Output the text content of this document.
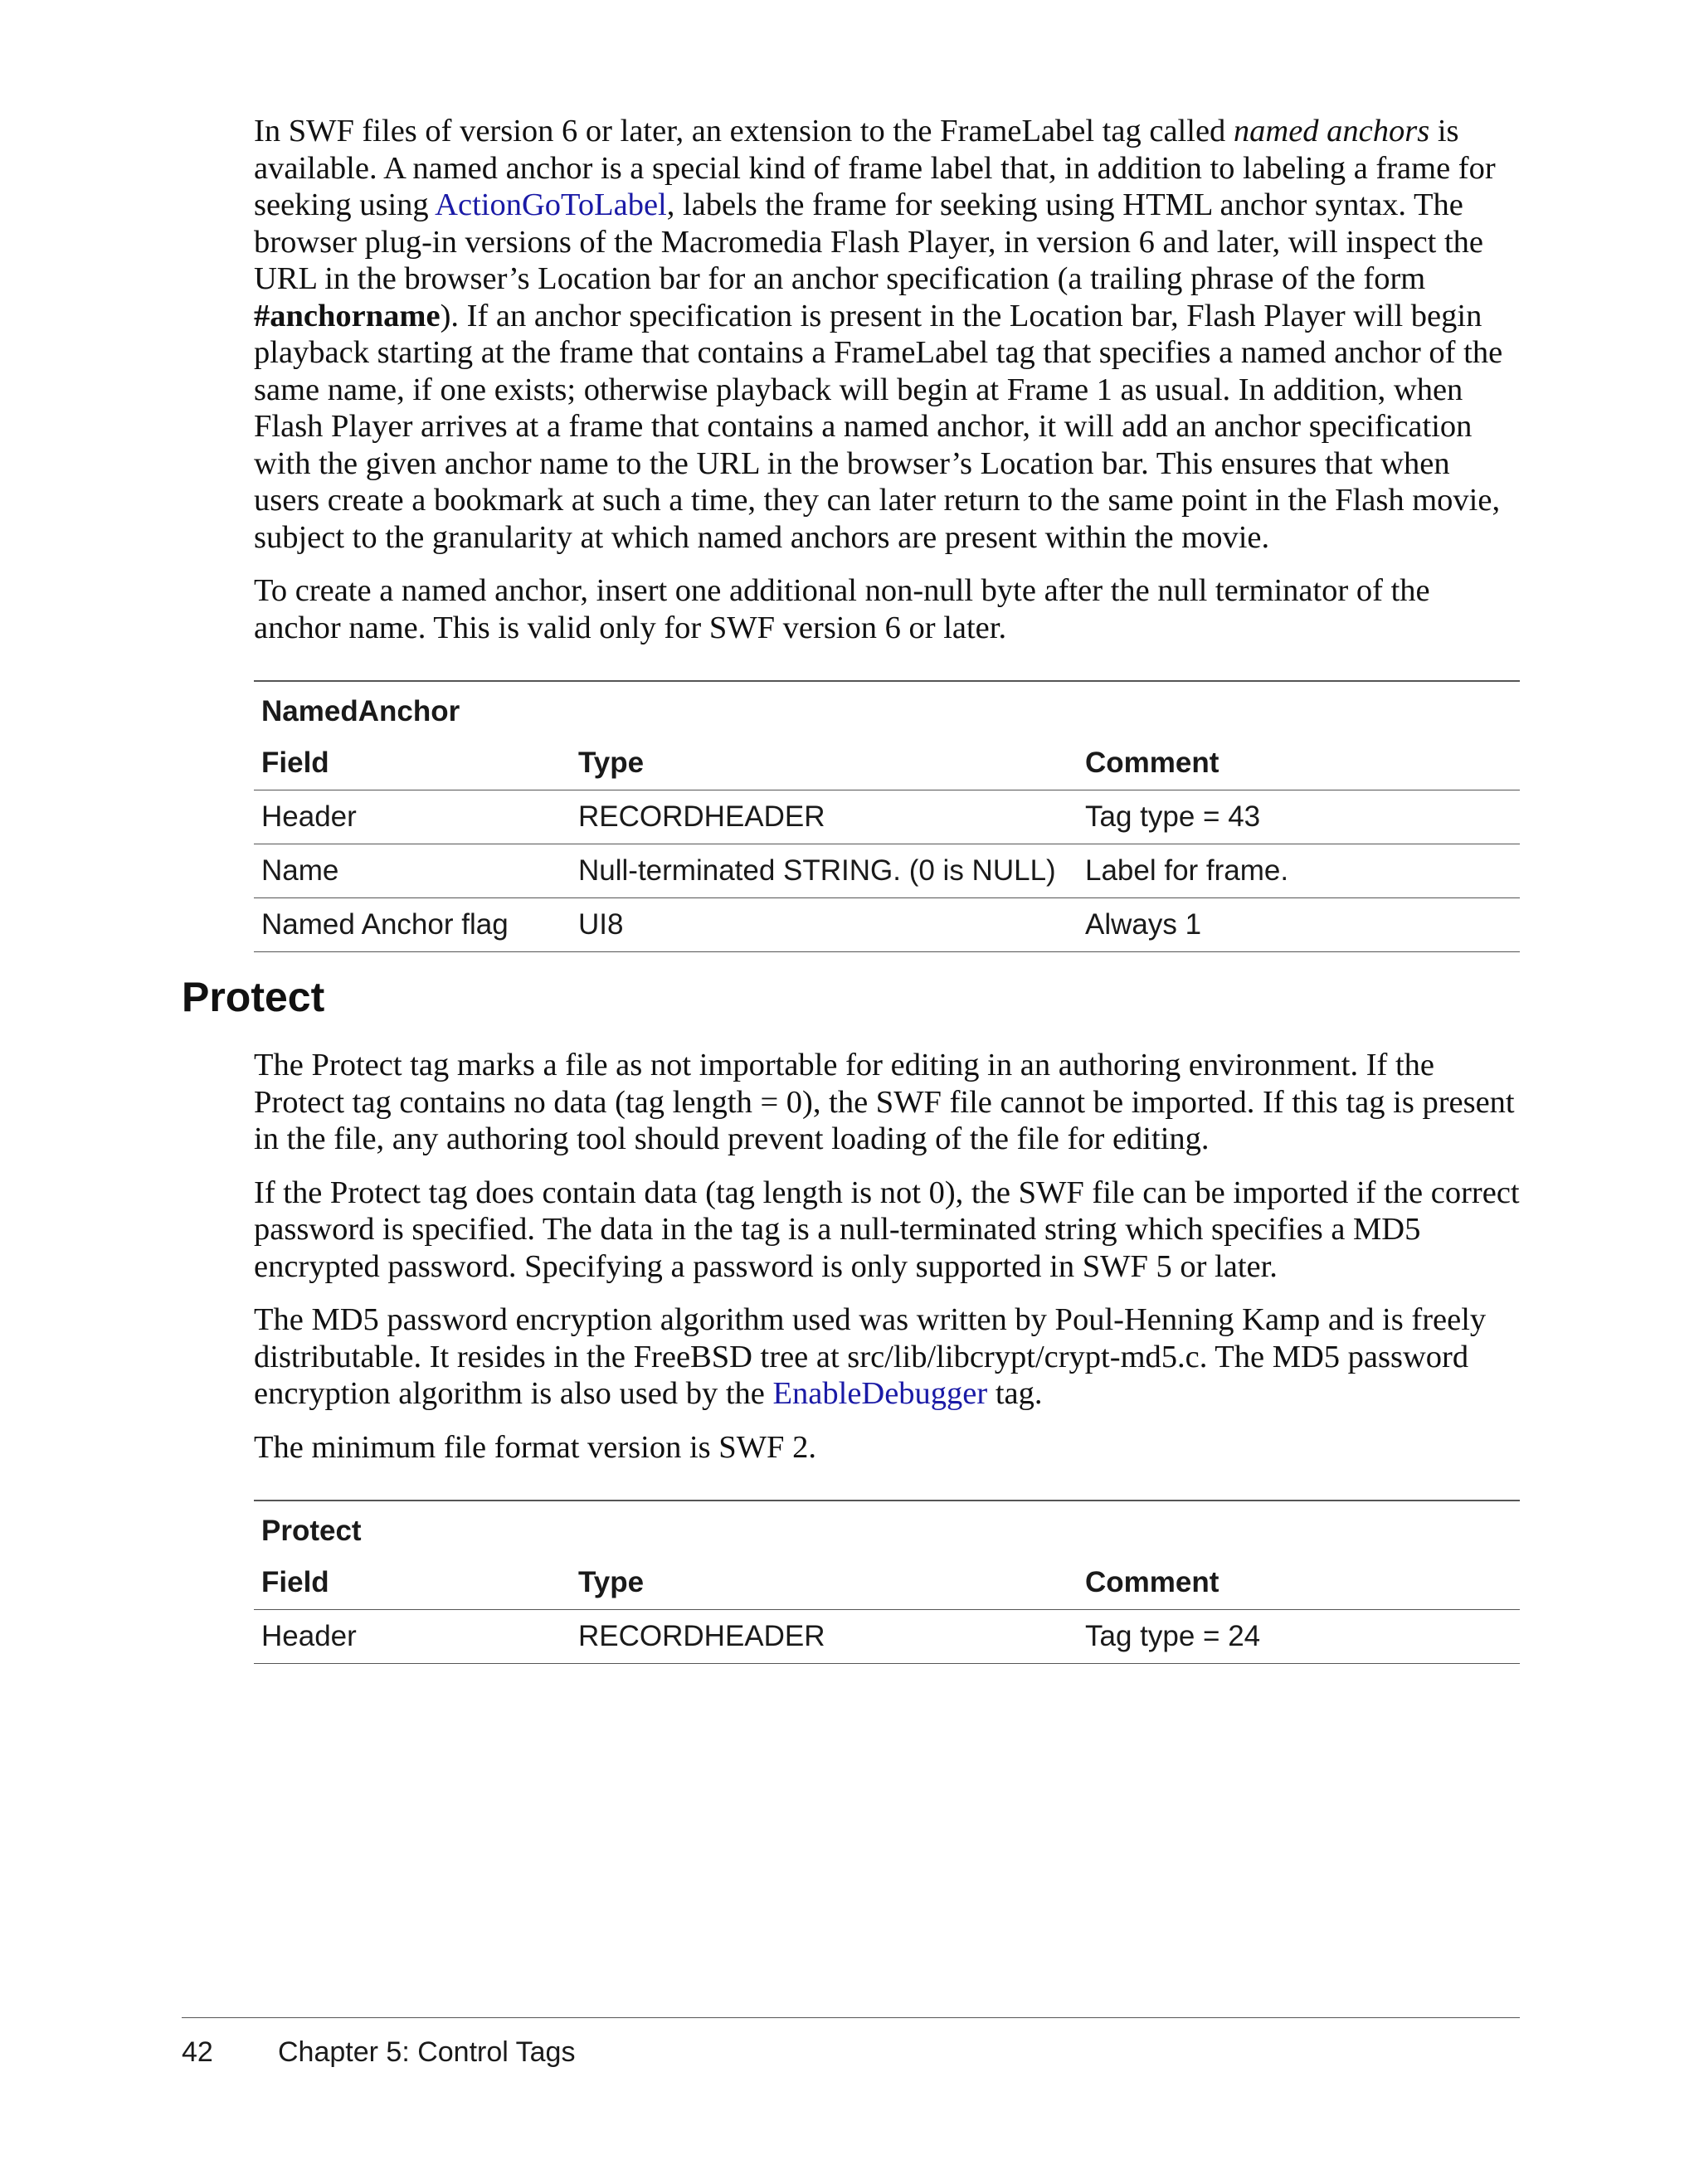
In SWF files of version 6 or later, an extension to the FrameLabel tag called named anchors is available. A named anchor is a special kind of frame label that, in addition to labeling a frame for seeking using ActionGoToLabel, labels the frame for seeking using HTML anchor syntax. The browser plug-in versions of the Macromedia Flash Player, in version 6 and later, will inspect the URL in the browser’s Location bar for an anchor specification (a trailing phrase of the form #anchorname). If an anchor specification is present in the Location bar, Flash Player will begin playback starting at the frame that contains a FrameLabel tag that specifies a named anchor of the same name, if one exists; otherwise playback will begin at Frame 1 as usual. In addition, when Flash Player arrives at a frame that contains a named anchor, it will add an anchor specification with the given anchor name to the URL in the browser’s Location bar. This ensures that when users create a bookmark at such a time, they can later return to the same point in the Flash movie, subject to the granularity at which named anchors are present within the movie.

To create a named anchor, insert one additional non-null byte after the null terminator of the anchor name. This is valid only for SWF version 6 or later.

NamedAnchor		
Field	Type	Comment
Header	RECORDHEADER	Tag type = 43
Name	Null-terminated STRING. (0 is NULL)	Label for frame.
Named Anchor flag	UI8	Always 1
Protect

The Protect tag marks a file as not importable for editing in an authoring environment. If the Protect tag contains no data (tag length = 0), the SWF file cannot be imported. If this tag is present in the file, any authoring tool should prevent loading of the file for editing.

If the Protect tag does contain data (tag length is not 0), the SWF file can be imported if the correct password is specified. The data in the tag is a null-terminated string which specifies a MD5 encrypted password. Specifying a password is only supported in SWF 5 or later.

The MD5 password encryption algorithm used was written by Poul-Henning Kamp and is freely distributable. It resides in the FreeBSD tree at src/lib/libcrypt/crypt-md5.c. The MD5 password encryption algorithm is also used by the EnableDebugger tag.

The minimum file format version is SWF 2.

Protect		
Field	Type	Comment
Header	RECORDHEADER	Tag type = 24
42 Chapter 5: Control Tags
